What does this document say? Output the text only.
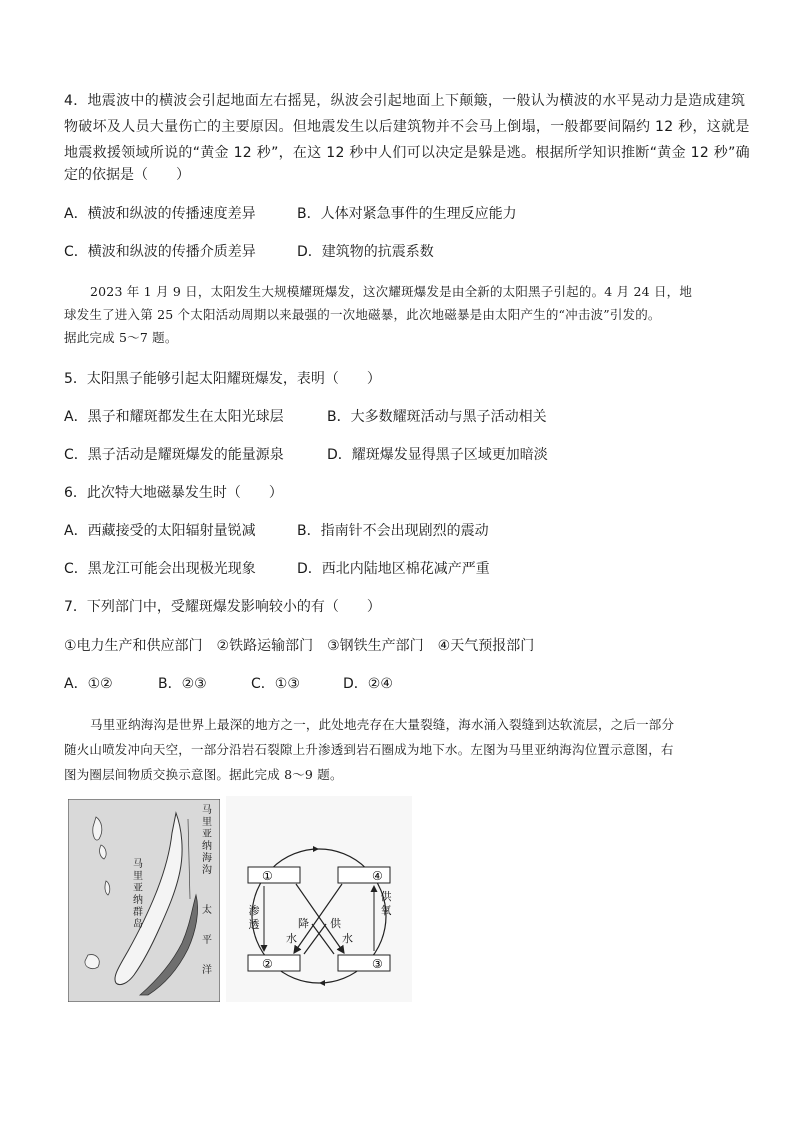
4．地震波中的横波会引起地面左右摇晃，纵波会引起地面上下颠簸，一般认为横波的水平晃动力是造成建筑
物破坏及人员大量伤亡的主要原因。但地震发生以后建筑物并不会马上倒塌，一般都要间隔约 12 秒，这就是
地震救援领域所说的“黄金 12 秒”，在这 12 秒中人们可以决定是躲是逃。根据所学知识推断“黄金 12 秒”确
定的依据是（　　）
A．横波和纵波的传播速度差异	B．人体对紧急事件的生理反应能力
C．横波和纵波的传播介质差异	D．建筑物的抗震系数
2023 年 1 月 9 日，太阳发生大规模耀斑爆发，这次耀斑爆发是由全新的太阳黑子引起的。4 月 24 日，地
球发生了进入第 25 个太阳活动周期以来最强的一次地磁暴，此次地磁暴是由太阳产生的“冲击波”引发的。
据此完成 5～7 题。
5．太阳黑子能够引起太阳耀斑爆发，表明（　　）
A．黑子和耀斑都发生在太阳光球层	B．大多数耀斑活动与黑子活动相关
C．黑子活动是耀斑爆发的能量源泉	D．耀斑爆发显得黑子区域更加暗淡
6．此次特大地磁暴发生时（　　）
A．西藏接受的太阳辐射量锐减	B．指南针不会出现剧烈的震动
C．黑龙江可能会出现极光现象	D．西北内陆地区棉花减产严重
7．下列部门中，受耀斑爆发影响较小的有（　　）
①电力生产和供应部门　②铁路运输部门　③钢铁生产部门　④天气预报部门
A．①②	B．②③	C．①③	D．②④
马里亚纳海沟是世界上最深的地方之一，此处地壳存在大量裂缝，海水涌入裂缝到达软流层，之后一部分
随火山喷发冲向天空，一部分沿岩石裂隙上升渗透到岩石圈成为地下水。左图为马里亚纳海沟位置示意图，右
图为圈层间物质交换示意图。据此完成 8～9 题。
马里亚纳海沟
马里亚纳群岛
太平洋
①	④
②	③
渗透
供氧
降
水
供
水
